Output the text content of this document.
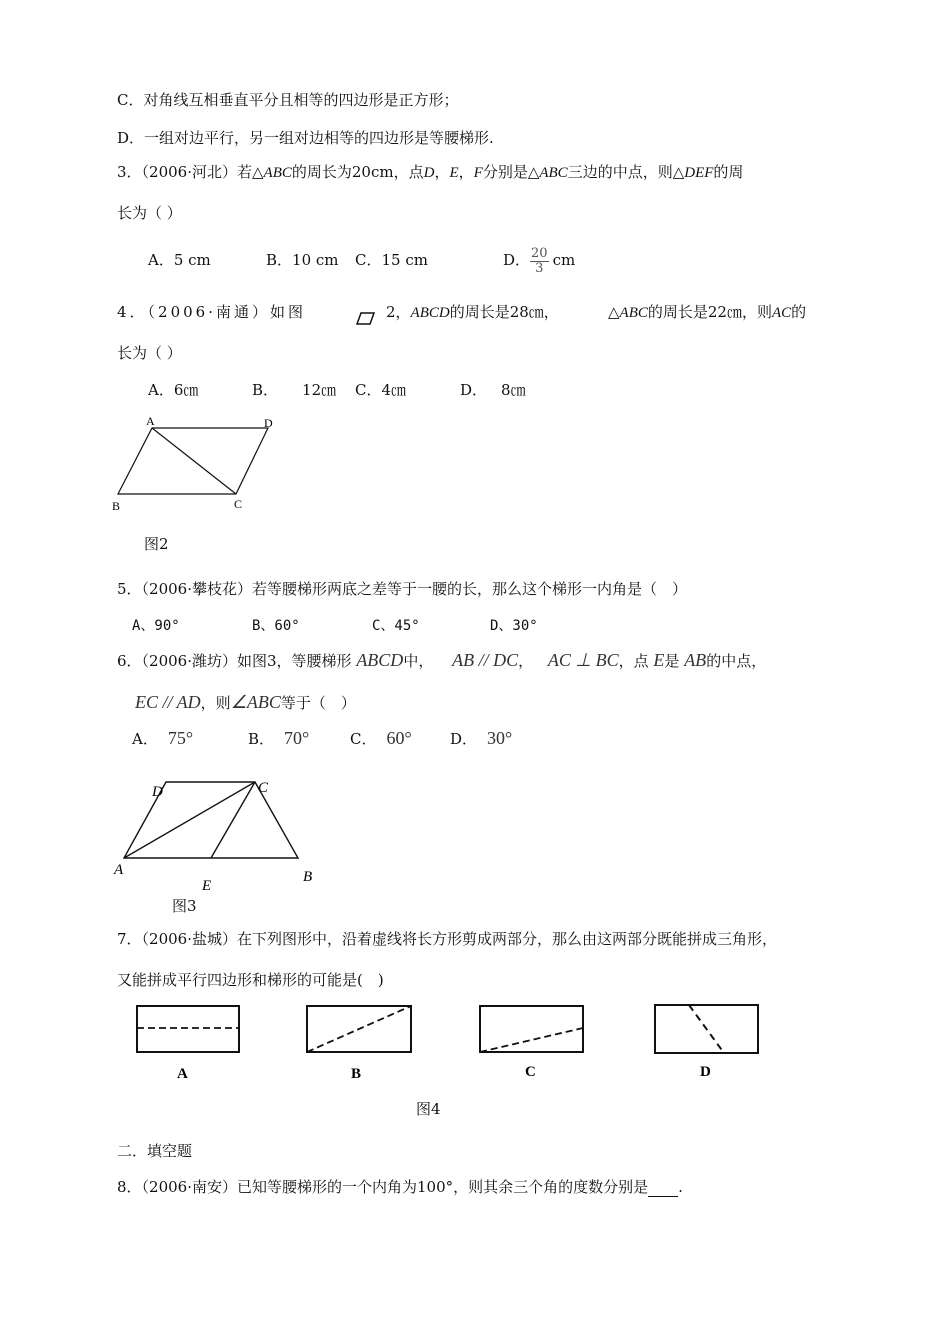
C．对角线互相垂直平分且相等的四边形是正方形；
D．一组对边平行，另一组对边相等的四边形是等腰梯形.
3．（2006·河北）若△ABC的周长为20cm，点D，E，F分别是△ABC三边的中点，则△DEF的周
长为（ ）
A．5 cm	B．10 cm C．15 cm	D． $\frac{20}{3}$ cm
4．（2006·南通）如图	2，ABCD的周长是28㎝，	△ABC的周长是22㎝，则AC的
长为（ ）
A．6㎝	B． 12㎝ C．4㎝	D． 8㎝
A	D
B	C
图2
5．（2006·攀枝花）若等腰梯形两底之差等于一腰的长，那么这个梯形一内角是（　）
A、90°	B、60°	C、45°	D、30°
6．（2006·潍坊）如图3，等腰梯形 ABCD中， AB // DC， AC ⊥ BC，点 E是 AB的中点，
EC // AD，则∠ABC等于（　）
A． 75°	B． 70°	C． 60°	D． 30°
D	C
A
E
B
图3
7．（2006·盐城）在下列图形中，沿着虚线将长方形剪成两部分，那么由这两部分既能拼成三角形，
又能拼成平行四边形和梯形的可能是(　)
A	B	C	D
图4
二．填空题
8．（2006·南安）已知等腰梯形的一个内角为100°，则其余三个角的度数分别是 .
